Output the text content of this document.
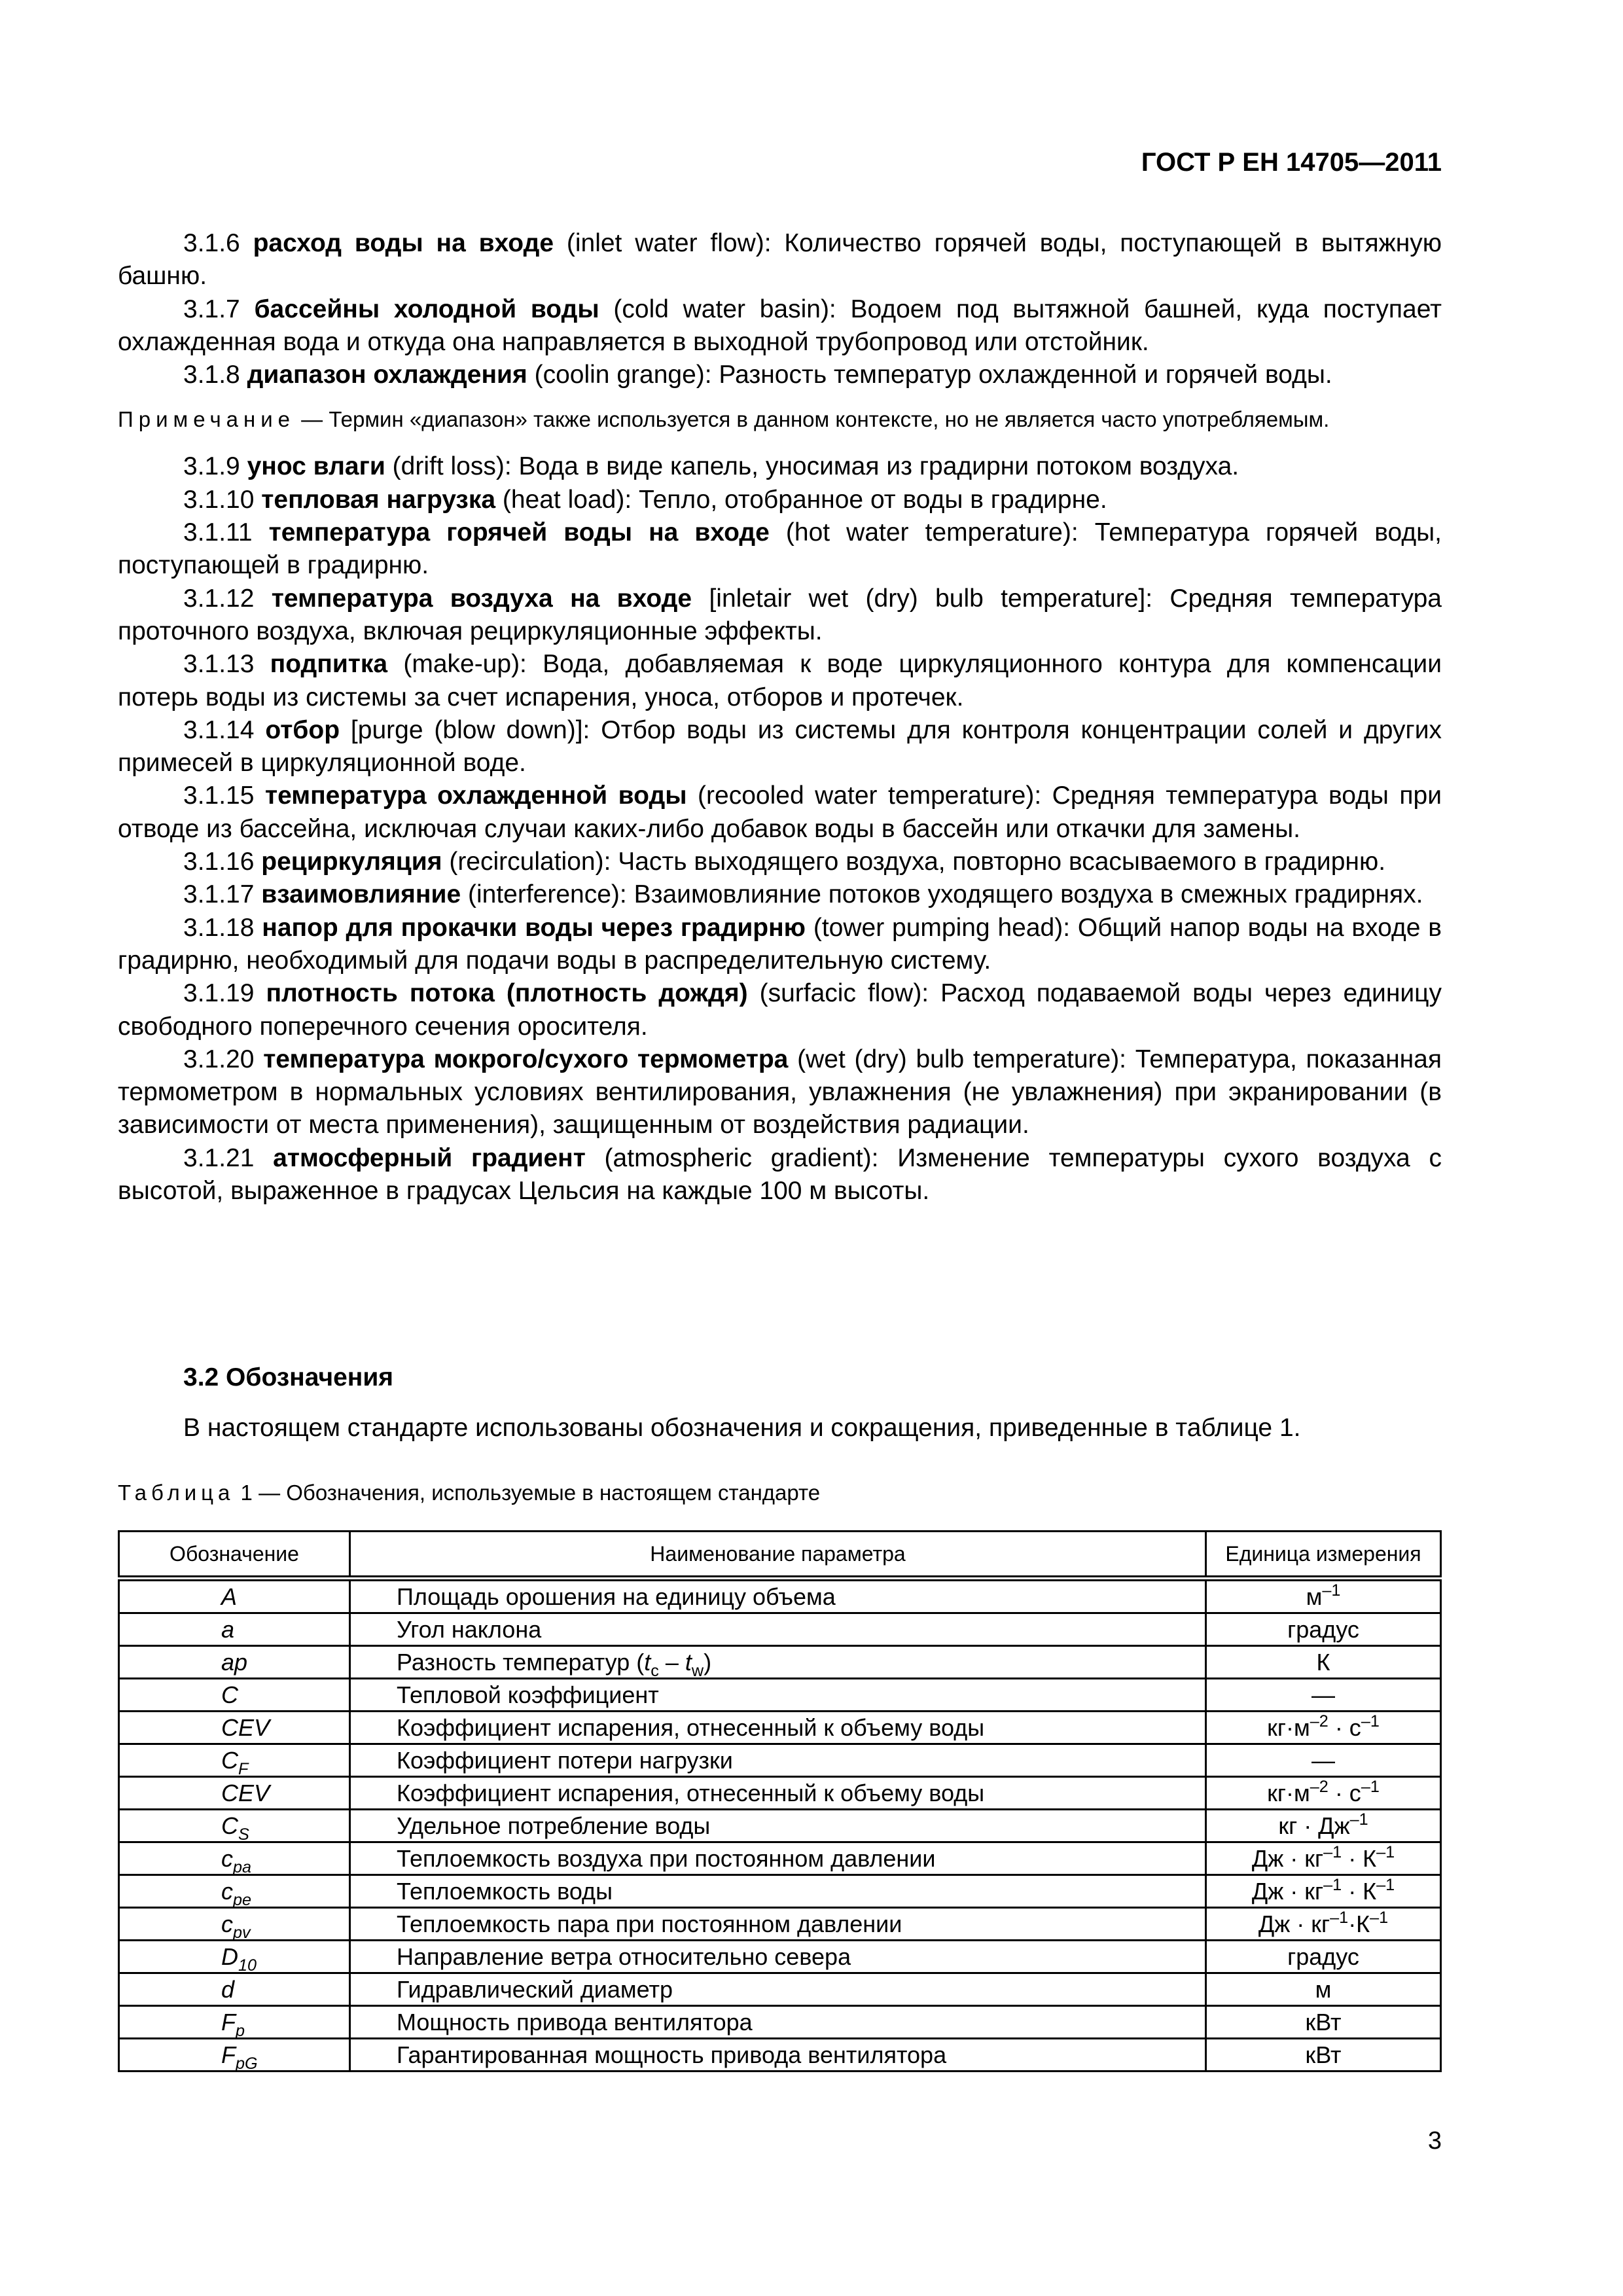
ГОСТ Р ЕН 14705—2011

3.1.6 расход воды на входе (inlet water flow): Количество горячей воды, поступающей в вытяжную башню.

3.1.7 бассейны холодной воды (cold water basin): Водоем под вытяжной башней, куда поступает охлажденная вода и откуда она направляется в выходной трубопровод или отстойник.

3.1.8 диапазон охлаждения (coolin grange): Разность температур охлажденной и горячей воды.

Примечание — Термин «диапазон» также используется в данном контексте, но не является часто употребляемым.

3.1.9 унос влаги (drift loss): Вода в виде капель, уносимая из градирни потоком воздуха.

3.1.10 тепловая нагрузка (heat load): Тепло, отобранное от воды в градирне.

3.1.11 температура горячей воды на входе (hot water temperature): Температура горячей воды, поступающей в градирню.

3.1.12 температура воздуха на входе [inletair wet (dry) bulb temperature]: Средняя температура проточного воздуха, включая рециркуляционные эффекты.

3.1.13 подпитка (make-up): Вода, добавляемая к воде циркуляционного контура для компенсации потерь воды из системы за счет испарения, уноса, отборов и протечек.

3.1.14 отбор [purge (blow down)]: Отбор воды из системы для контроля концентрации солей и других примесей в циркуляционной воде.

3.1.15 температура охлажденной воды (recooled water temperature): Средняя температура воды при отводе из бассейна, исключая случаи каких-либо добавок воды в бассейн или откачки для замены.

3.1.16 рециркуляция (recirculation): Часть выходящего воздуха, повторно всасываемого в градирню.

3.1.17 взаимовлияние (interference): Взаимовлияние потоков уходящего воздуха в смежных градирнях.

3.1.18 напор для прокачки воды через градирню (tower pumping head): Общий напор воды на входе в градирню, необходимый для подачи воды в распределительную систему.

3.1.19 плотность потока (плотность дождя) (surfacic flow): Расход подаваемой воды через единицу свободного поперечного сечения оросителя.

3.1.20 температура мокрого/сухого термометра (wet (dry) bulb temperature): Температура, показанная термометром в нормальных условиях вентилирования, увлажнения (не увлажнения) при экранировании (в зависимости от места применения), защищенным от воздействия радиации.

3.1.21 атмосферный градиент (atmospheric gradient): Изменение температуры сухого воздуха с высотой, выраженное в градусах Цельсия на каждые 100 м высоты.

3.2 Обозначения
В настоящем стандарте использованы обозначения и сокращения, приведенные в таблице 1.
Таблица 1 — Обозначения, используемые в настоящем стандарте
Обозначение	Наименование параметра	Единица измерения
A	Площадь орошения на единицу объема	$м^{-1}$
a	Угол наклона	градус
ap	Разность температур $(t_c - t_w)$	К
C	Тепловой коэффициент	—
CEV	Коэффициент испарения, отнесенный к объему воды	$кг\cdot м^{-2} \cdot с^{-1}$
$C_F$	Коэффициент потери нагрузки	—
CEV	Коэффициент испарения, отнесенный к объему воды	$кг\cdot м^{-2} \cdot с^{-1}$
$C_S$	Удельное потребление воды	кг · $Дж^{-1}$
$c_{pa}$	Теплоемкость воздуха при постоянном давлении	Дж · $кг^{-1} \cdot К^{-1}$
$c_{pe}$	Теплоемкость воды	Дж · $кг^{-1} \cdot К^{-1}$
$c_{pv}$	Теплоемкость пара при постоянном давлении	Дж · $кг^{-1}\cdot К^{-1}$
$D_{10}$	Направление ветра относительно севера	градус
d	Гидравлический диаметр	м
$F_p$	Мощность привода вентилятора	кВт
$F_{pG}$	Гарантированная мощность привода вентилятора	кВт
3
